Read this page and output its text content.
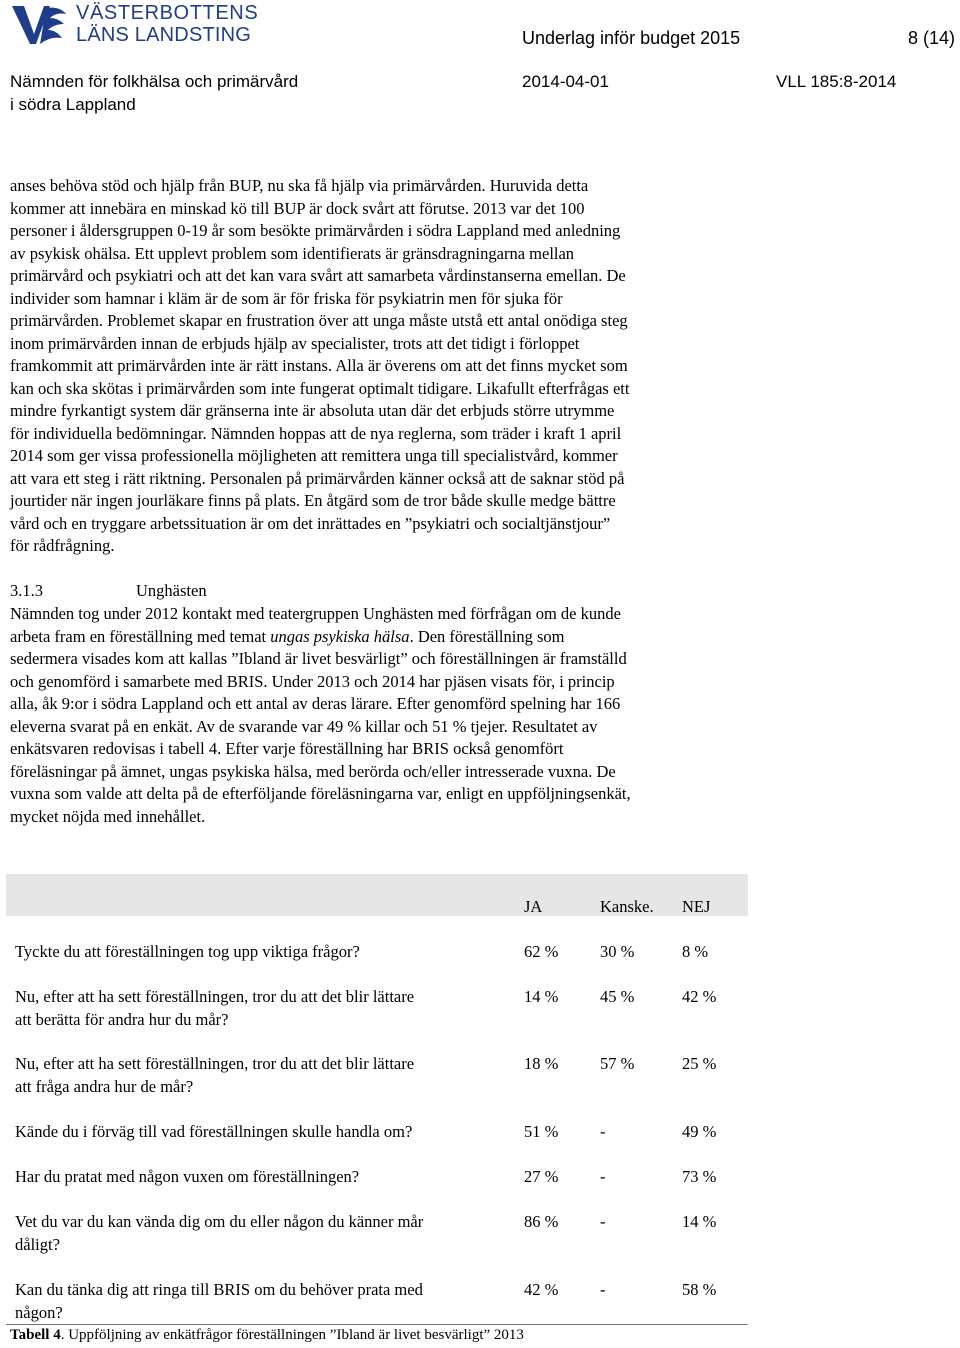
VÄSTERBOTTENS
LÄNS LANDSTING	Underlag inför budget 2015	8 (14)
Nämnden för folkhälsa och primärvård
i södra Lappland
2014-04-01	VLL 185:8-2014
anses behöva stöd och hjälp från BUP, nu ska få hjälp via primärvården. Huruvida detta
kommer att innebära en minskad kö till BUP är dock svårt att förutse. 2013 var det 100
personer i åldersgruppen 0-19 år som besökte primärvården i södra Lappland med anledning
av psykisk ohälsa. Ett upplevt problem som identifierats är gränsdragningarna mellan
primärvård och psykiatri och att det kan vara svårt att samarbeta vårdinstanserna emellan. De
individer som hamnar i kläm är de som är för friska för psykiatrin men för sjuka för
primärvården. Problemet skapar en frustration över att unga måste utstå ett antal onödiga steg
inom primärvården innan de erbjuds hjälp av specialister, trots att det tidigt i förloppet
framkommit att primärvården inte är rätt instans. Alla är överens om att det finns mycket som
kan och ska skötas i primärvården som inte fungerat optimalt tidigare. Likafullt efterfrågas ett
mindre fyrkantigt system där gränserna inte är absoluta utan där det erbjuds större utrymme
för individuella bedömningar. Nämnden hoppas att de nya reglerna, som träder i kraft 1 april
2014 som ger vissa professionella möjligheten att remittera unga till specialistvård, kommer
att vara ett steg i rätt riktning. Personalen på primärvården känner också att de saknar stöd på
jourtider när ingen jourläkare finns på plats. En åtgärd som de tror både skulle medge bättre
vård och en tryggare arbetssituation är om det inrättades en ”psykiatri och socialtjänstjour”
för rådfrågning.
3.1.3	Unghästen
Nämnden tog under 2012 kontakt med teatergruppen Unghästen med förfrågan om de kunde
arbeta fram en föreställning med temat ungas psykiska hälsa. Den föreställning som
sedermera visades kom att kallas ”Ibland är livet besvärligt” och föreställningen är framställd
och genomförd i samarbete med BRIS. Under 2013 och 2014 har pjäsen visats för, i princip
alla, åk 9:or i södra Lappland och ett antal av deras lärare. Efter genomförd spelning har 166
eleverna svarat på en enkät. Av de svarande var 49 % killar och 51 % tjejer. Resultatet av
enkätsvaren redovisas i tabell 4. Efter varje föreställning har BRIS också genomfört
föreläsningar på ämnet, ungas psykiska hälsa, med berörda och/eller intresserade vuxna. De
vuxna som valde att delta på de efterföljande föreläsningarna var, enligt en uppföljningsenkät,
mycket nöjda med innehållet.
JA	Kanske. NEJ
Tyckte du att föreställningen tog upp viktiga frågor?	62 %	30 %	8 %
Nu, efter att ha sett föreställningen, tror du att det blir lättare
att berätta för andra hur du mår?
14 %	45 %	42 %
Nu, efter att ha sett föreställningen, tror du att det blir lättare
att fråga andra hur de mår?
18 %	57 %	25 %
Kände du i förväg till vad föreställningen skulle handla om?	51 %	-	49 %
Har du pratat med någon vuxen om föreställningen?	27 %	-	73 %
Vet du var du kan vända dig om du eller någon du känner mår
dåligt?
86 %	-	14 %
Kan du tänka dig att ringa till BRIS om du behöver prata med
någon?
42 %	-	58 %
Tabell 4. Uppföljning av enkätfrågor föreställningen ”Ibland är livet besvärligt” 2013
